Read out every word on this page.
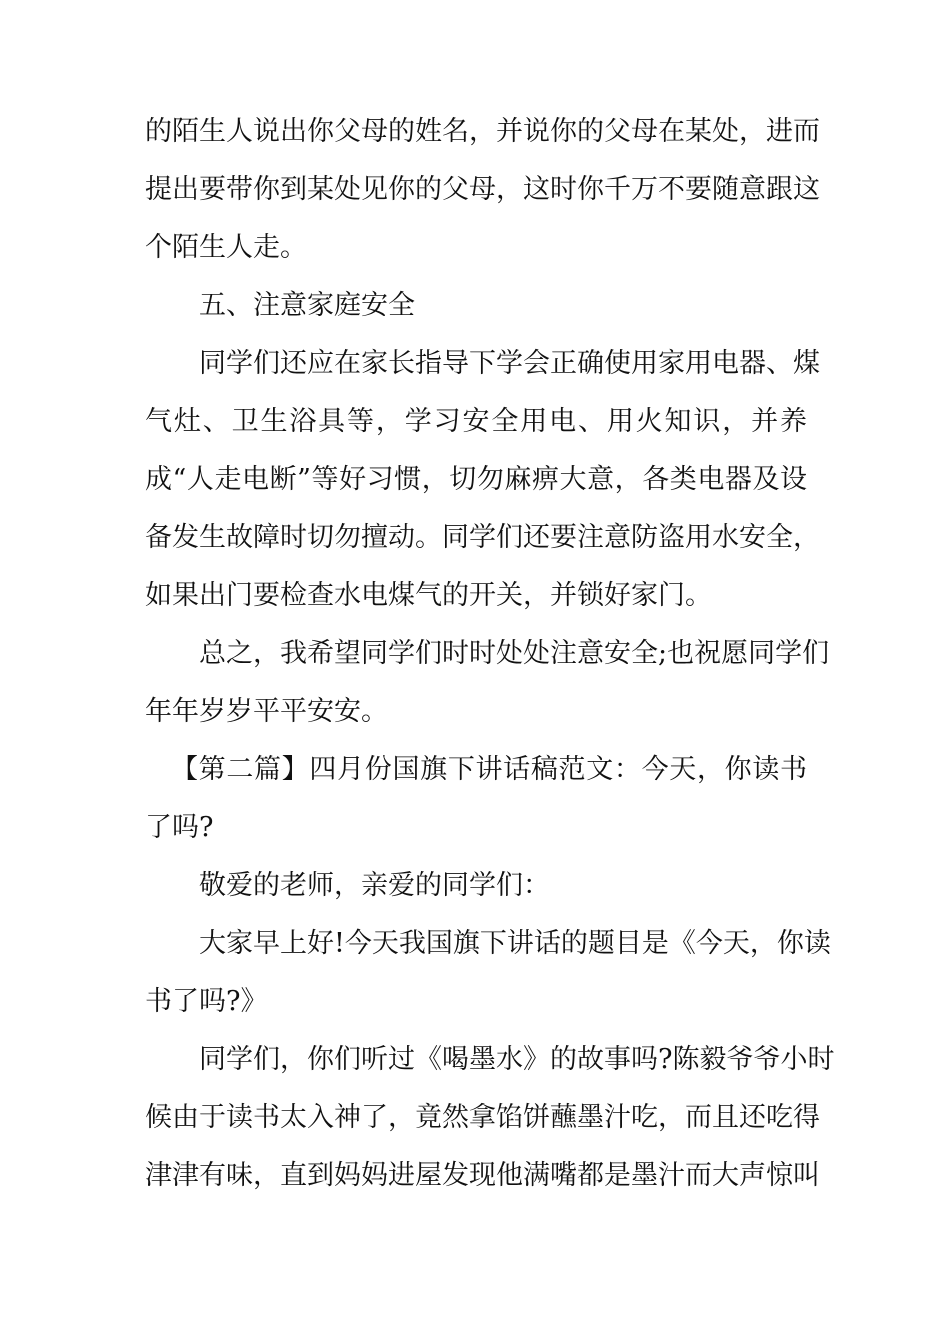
的陌生人说出你父母的姓名，并说你的父母在某处，进而
提出要带你到某处见你的父母，这时你千万不要随意跟这
个陌生人走。
五、注意家庭安全
同学们还应在家长指导下学会正确使用家用电器、煤
气灶、卫生浴具等，学习安全用电、用火知识，并养
成“人走电断”等好习惯，切勿麻痹大意，各类电器及设
备发生故障时切勿擅动。同学们还要注意防盗用水安全，
如果出门要检查水电煤气的开关，并锁好家门。
总之，我希望同学们时时处处注意安全;也祝愿同学们
年年岁岁平平安安。
【第二篇】四月份国旗下讲话稿范文：今天，你读书
了吗?
敬爱的老师，亲爱的同学们：
大家早上好!今天我国旗下讲话的题目是《今天，你读
书了吗?》
同学们，你们听过《喝墨水》的故事吗?陈毅爷爷小时
候由于读书太入神了，竟然拿馅饼蘸墨汁吃，而且还吃得
津津有味，直到妈妈进屋发现他满嘴都是墨汁而大声惊叫
